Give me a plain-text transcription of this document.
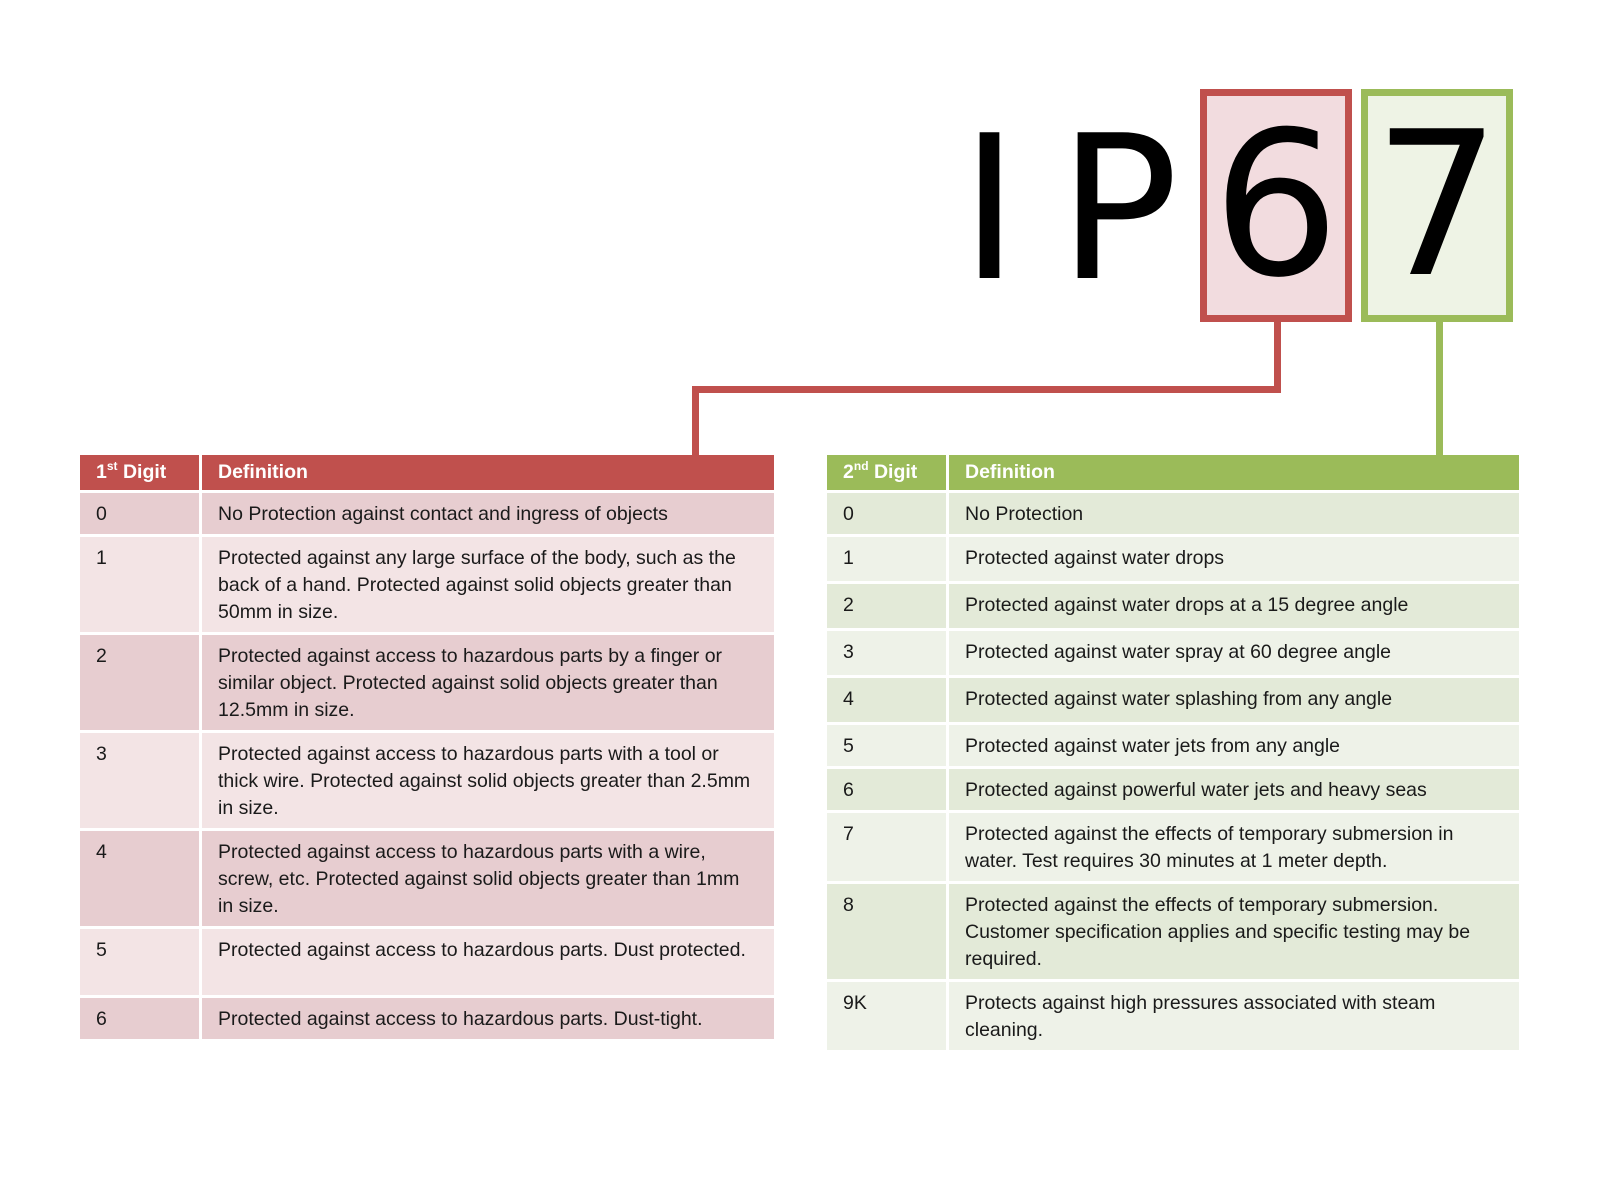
I P 6 7
1st Digit	Definition
0	No Protection against contact and ingress of objects
1	Protected against any large surface of the body, such as the back of a hand. Protected against solid objects greater than 50mm in size.
2	Protected against access to hazardous parts by a finger or similar object. Protected against solid objects greater than 12.5mm in size.
3	Protected against access to hazardous parts with a tool or thick wire. Protected against solid objects greater than 2.5mm in size.
4	Protected against access to hazardous parts with a wire, screw, etc. Protected against solid objects greater than 1mm in size.
5	Protected against access to hazardous parts. Dust protected.
6	Protected against access to hazardous parts. Dust-tight.
2nd Digit	Definition
0	No Protection
1	Protected against water drops
2	Protected against water drops at a 15 degree angle
3	Protected against water spray at 60 degree angle
4	Protected against water splashing from any angle
5	Protected against water jets from any angle
6	Protected against powerful water jets and heavy seas
7	Protected against the effects of temporary submersion in water. Test requires 30 minutes at 1 meter depth.
8	Protected against the effects of temporary submersion. Customer specification applies and specific testing may be required.
9K	Protects against high pressures associated with steam cleaning.
